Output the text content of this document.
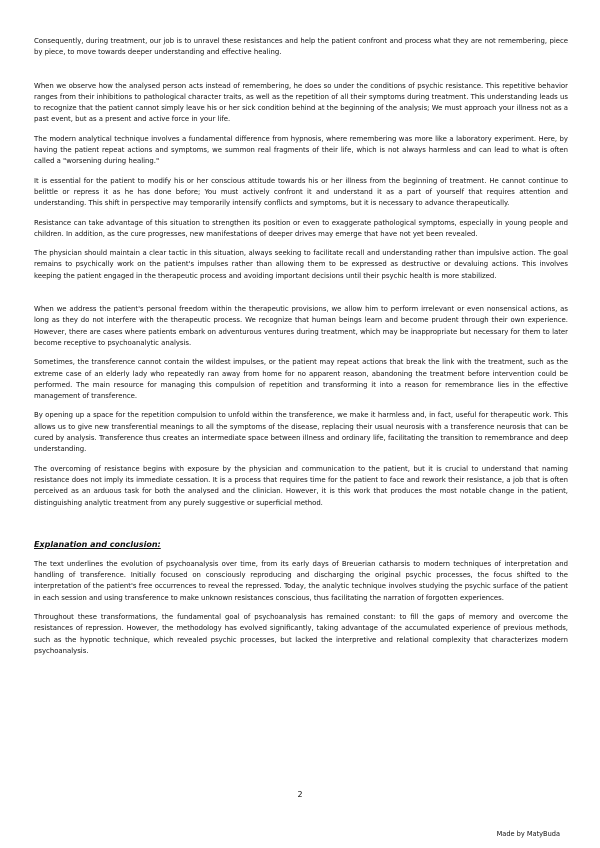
Consequently, during treatment, our job is to unravel these resistances and help the patient confront and process what they are not remembering, piece by piece, to move towards deeper understanding and effective healing.

When we observe how the analysed person acts instead of remembering, he does so under the conditions of psychic resistance. This repetitive behavior ranges from their inhibitions to pathological character traits, as well as the repetition of all their symptoms during treatment. This understanding leads us to recognize that the patient cannot simply leave his or her sick condition behind at the beginning of the analysis; We must approach your illness not as a past event, but as a present and active force in your life.

The modern analytical technique involves a fundamental difference from hypnosis, where remembering was more like a laboratory experiment. Here, by having the patient repeat actions and symptoms, we summon real fragments of their life, which is not always harmless and can lead to what is often called a "worsening during healing."

It is essential for the patient to modify his or her conscious attitude towards his or her illness from the beginning of treatment. He cannot continue to belittle or repress it as he has done before; You must actively confront it and understand it as a part of yourself that requires attention and understanding. This shift in perspective may temporarily intensify conflicts and symptoms, but it is necessary to advance therapeutically.

Resistance can take advantage of this situation to strengthen its position or even to exaggerate pathological symptoms, especially in young people and children. In addition, as the cure progresses, new manifestations of deeper drives may emerge that have not yet been revealed.

The physician should maintain a clear tactic in this situation, always seeking to facilitate recall and understanding rather than impulsive action. The goal remains to psychically work on the patient's impulses rather than allowing them to be expressed as destructive or devaluing actions. This involves keeping the patient engaged in the therapeutic process and avoiding important decisions until their psychic health is more stabilized.

When we address the patient's personal freedom within the therapeutic provisions, we allow him to perform irrelevant or even nonsensical actions, as long as they do not interfere with the therapeutic process. We recognize that human beings learn and become prudent through their own experience. However, there are cases where patients embark on adventurous ventures during treatment, which may be inappropriate but necessary for them to later become receptive to psychoanalytic analysis.

Sometimes, the transference cannot contain the wildest impulses, or the patient may repeat actions that break the link with the treatment, such as the extreme case of an elderly lady who repeatedly ran away from home for no apparent reason, abandoning the treatment before intervention could be performed. The main resource for managing this compulsion of repetition and transforming it into a reason for remembrance lies in the effective management of transference.

By opening up a space for the repetition compulsion to unfold within the transference, we make it harmless and, in fact, useful for therapeutic work. This allows us to give new transferential meanings to all the symptoms of the disease, replacing their usual neurosis with a transference neurosis that can be cured by analysis. Transference thus creates an intermediate space between illness and ordinary life, facilitating the transition to remembrance and deep understanding.

The overcoming of resistance begins with exposure by the physician and communication to the patient, but it is crucial to understand that naming resistance does not imply its immediate cessation. It is a process that requires time for the patient to face and rework their resistance, a job that is often perceived as an arduous task for both the analysed and the clinician. However, it is this work that produces the most notable change in the patient, distinguishing analytic treatment from any purely suggestive or superficial method.

Explanation and conclusion:

The text underlines the evolution of psychoanalysis over time, from its early days of Breuerian catharsis to modern techniques of interpretation and handling of transference. Initially focused on consciously reproducing and discharging the original psychic processes, the focus shifted to the interpretation of the patient's free occurrences to reveal the repressed. Today, the analytic technique involves studying the psychic surface of the patient in each session and using transference to make unknown resistances conscious, thus facilitating the narration of forgotten experiences.

Throughout these transformations, the fundamental goal of psychoanalysis has remained constant: to fill the gaps of memory and overcome the resistances of repression. However, the methodology has evolved significantly, taking advantage of the accumulated experience of previous methods, such as the hypnotic technique, which revealed psychic processes, but lacked the interpretive and relational complexity that characterizes modern psychoanalysis.

2
Made by MatyBuda
